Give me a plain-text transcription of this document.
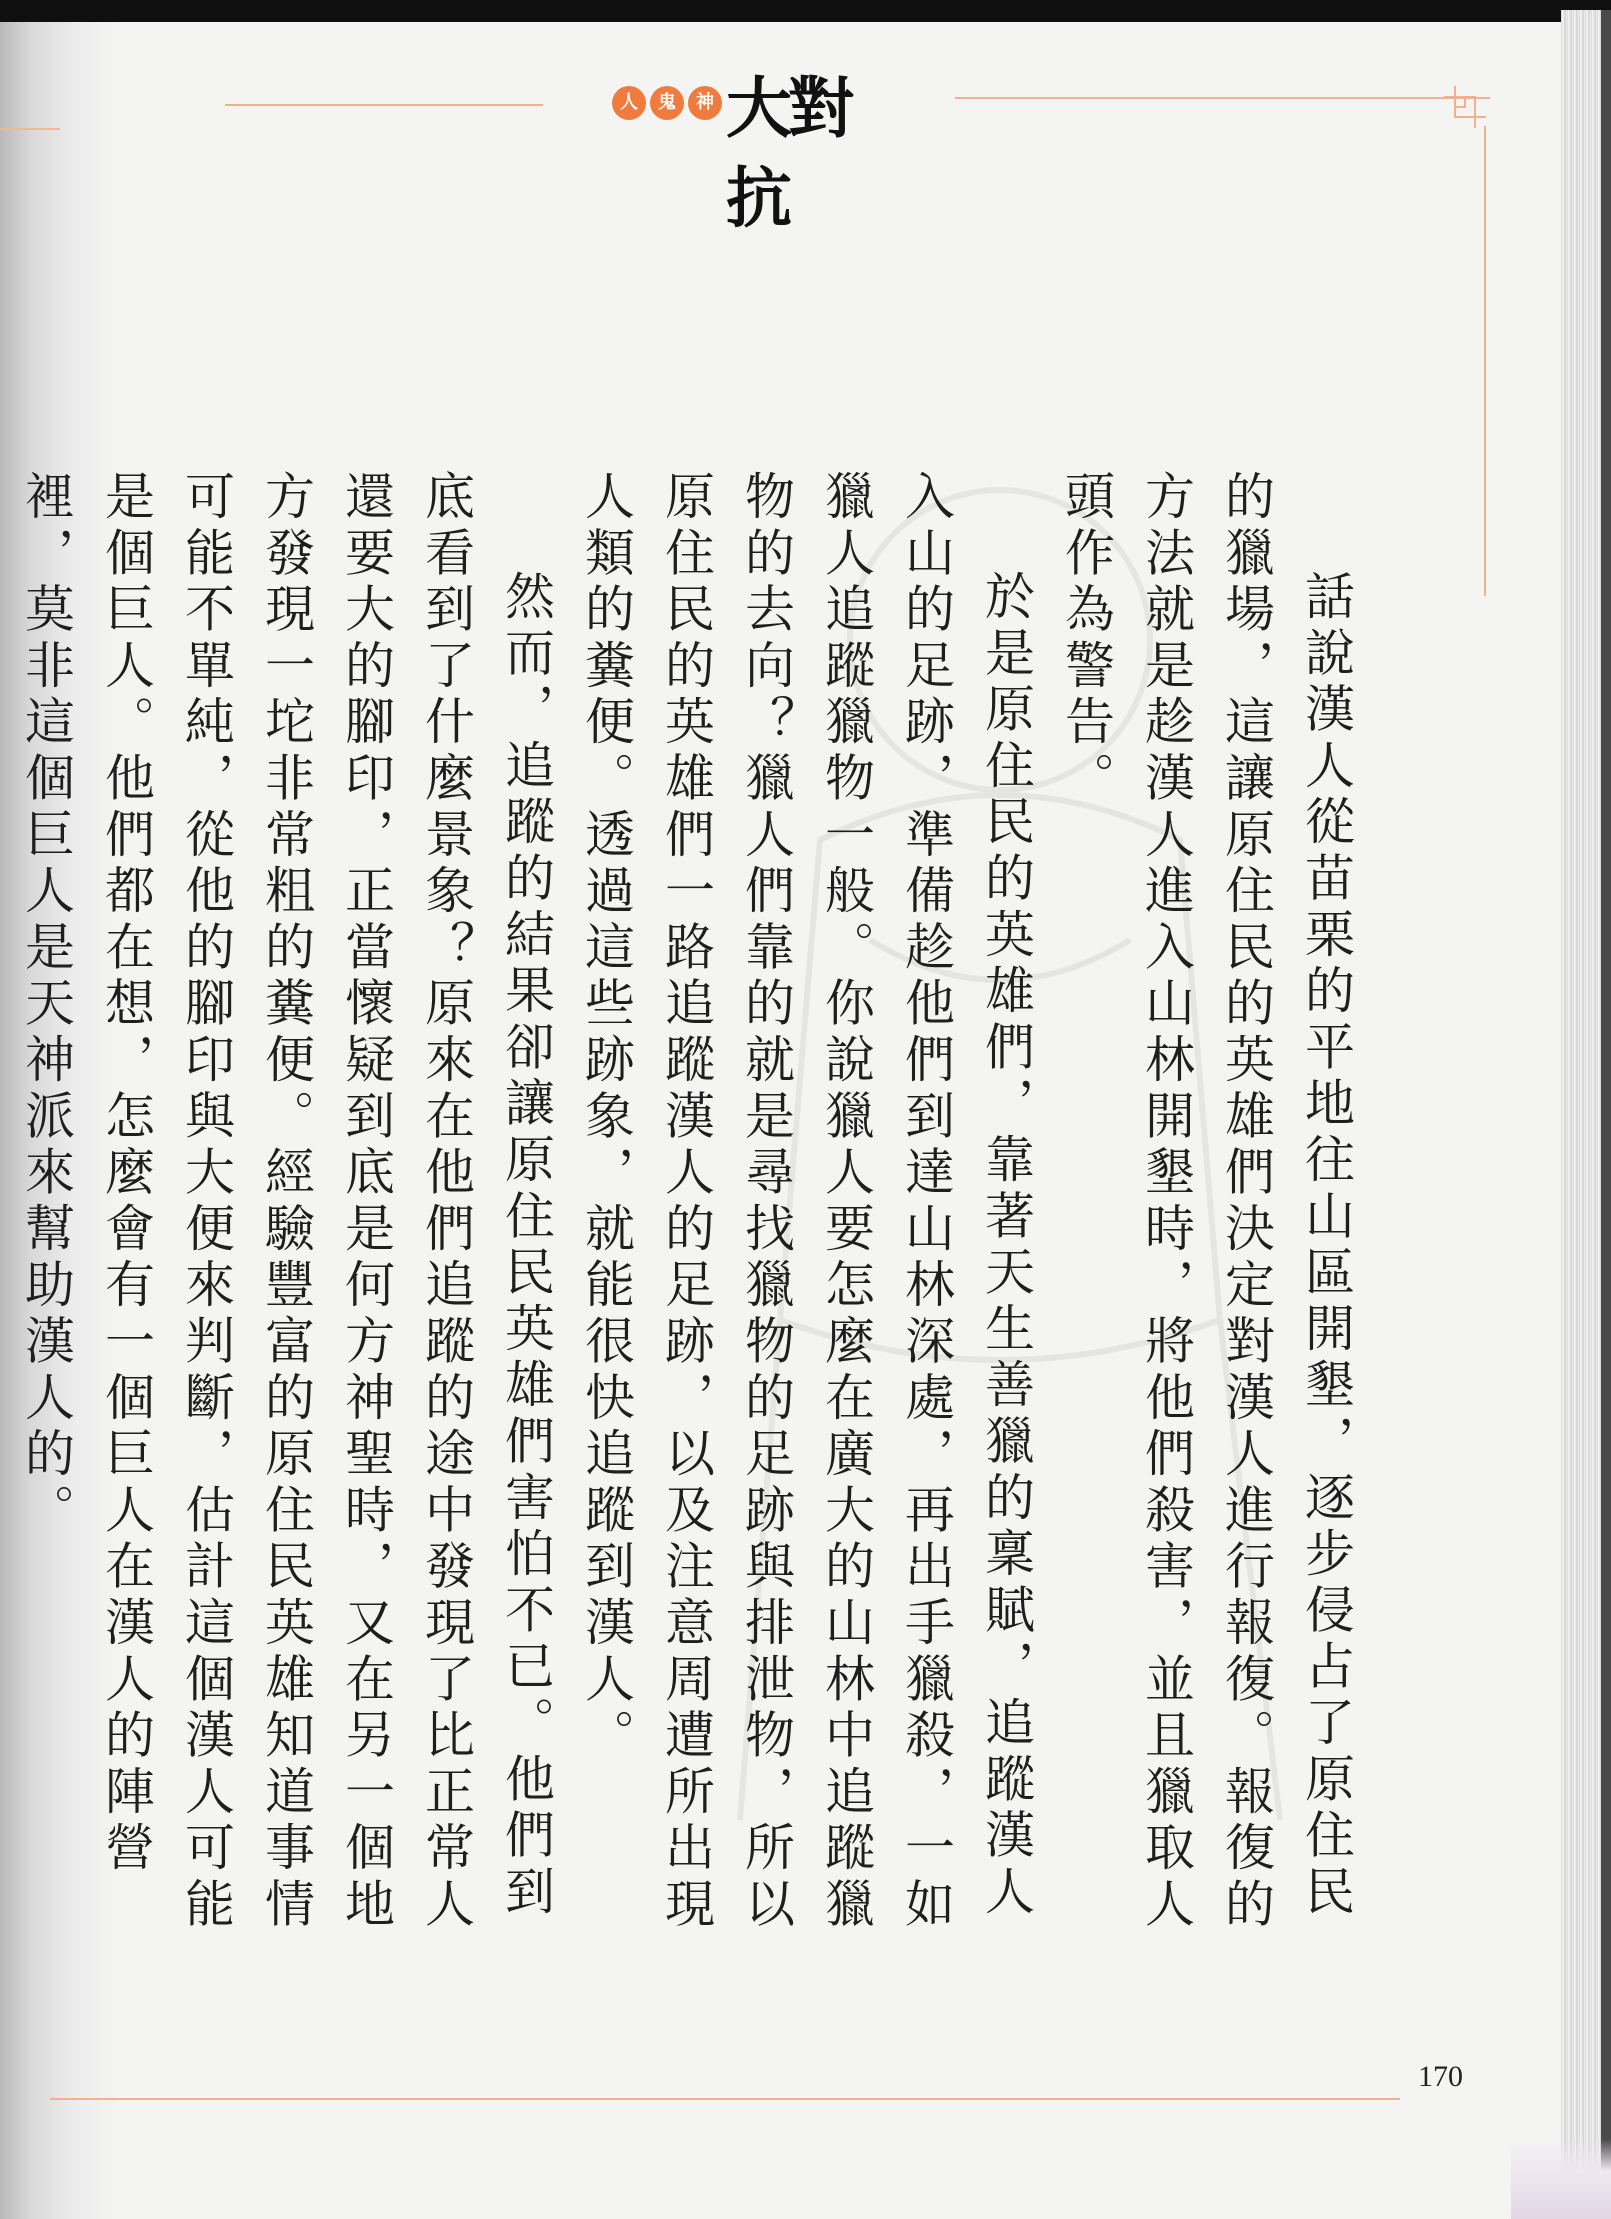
人	鬼	神 大對抗

話說漢人從苗栗的平地往山區開墾，逐步侵占了原住民的獵場，這讓原住民的英雄們決定對漢人進行報復。報復的方法就是趁漢人進入山林開墾時，將他們殺害，並且獵取人頭作為警告。

於是原住民的英雄們，靠著天生善獵的稟賦，追蹤漢人入山的足跡，準備趁他們到達山林深處，再出手獵殺，一如獵人追蹤獵物一般。你說獵人要怎麼在廣大的山林中追蹤獵物的去向？獵人們靠的就是尋找獵物的足跡與排泄物，所以原住民的英雄們一路追蹤漢人的足跡，以及注意周遭所出現人類的糞便。透過這些跡象，就能很快追蹤到漢人。

然而，追蹤的結果卻讓原住民英雄們害怕不已。他們到底看到了什麼景象？原來在他們追蹤的途中發現了比正常人還要大的腳印，正當懷疑到底是何方神聖時，又在另一個地方發現一坨非常粗的糞便。經驗豐富的原住民英雄知道事情可能不單純，從他的腳印與大便來判斷，估計這個漢人可能是個巨人。他們都在想，怎麼會有一個巨人在漢人的陣營裡，莫非這個巨人是天神派來幫助漢人的。

170
